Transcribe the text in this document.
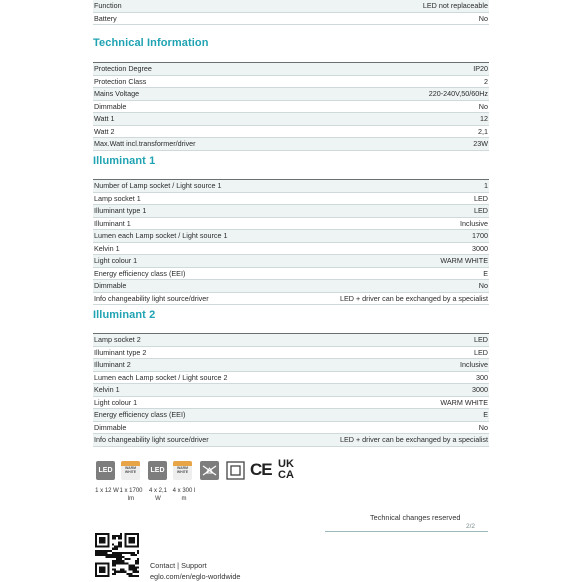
Function	LED not replaceable
Battery	No
Technical Information
Protection Degree	IP20
Protection Class	2
Mains Voltage	220-240V,50/60Hz
Dimmable	No
Watt 1	12
Watt 2	2,1
Max.Watt incl.transformer/driver	23W
Illuminant 1
Number of Lamp socket / Light source 1	1
Lamp socket 1	LED
Illuminant type 1	LED
Illuminant 1	Inclusive
Lumen each Lamp socket / Light source 1	1700
Kelvin 1	3000
Light colour 1	WARM WHITE
Energy efficiency class (EEI)	E
Dimmable	No
Info changeability light source/driver	LED + driver can be exchanged by a specialist
Illuminant 2
Lamp socket 2	LED
Illuminant type 2	LED
Illuminant 2	Inclusive
Lumen each Lamp socket / Light source 2	300
Kelvin 1	3000
Light colour 1	WARM WHITE
Energy efficiency class (EEI)	E
Dimmable	No
Info changeability light source/driver	LED + driver can be exchanged by a specialist
LED	WARM
WHITE	LED	WARM
WHITE	CE UK
CA
1 x 12 W 1 x 1700
lm
4 x 2,1
W
4 x 300 l
m
Technical changes reserved
2/2
Contact | Support
eglo.com/en/eglo-worldwide
